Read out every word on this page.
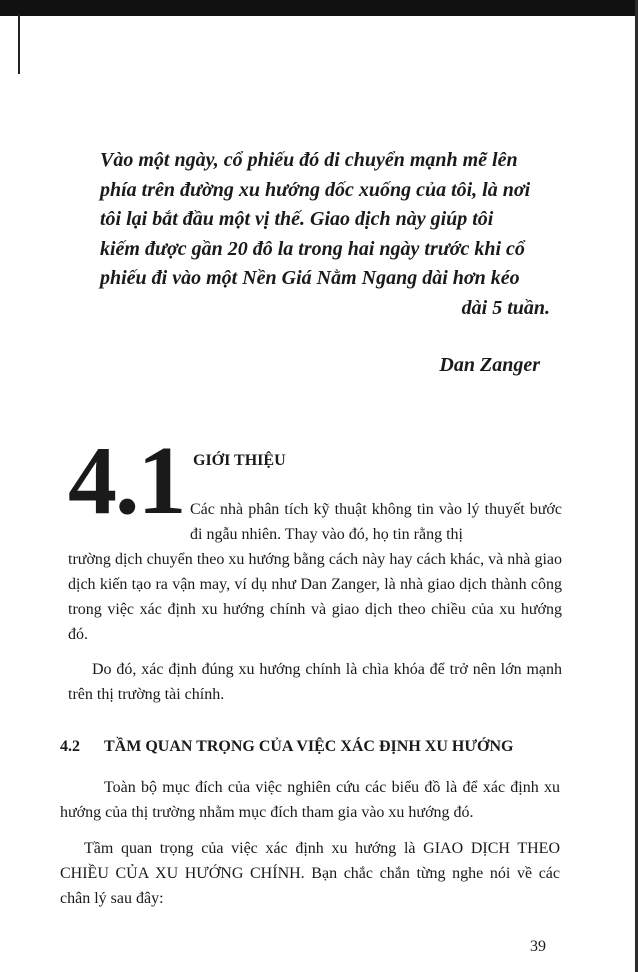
Vào một ngày, cổ phiếu đó di chuyển mạnh mẽ lên

phía trên đường xu hướng dốc xuống của tôi, là nơi

tôi lại bắt đầu một vị thế. Giao dịch này giúp tôi

kiếm được gần 20 đô la trong hai ngày trước khi cổ

phiếu đi vào một Nền Giá Nằm Ngang dài hơn kéo

dài 5 tuần.

Dan Zanger
4.1 GIỚI THIỆU
Các nhà phân tích kỹ thuật không tin vào lý thuyết bước đi ngẫu nhiên. Thay vào đó, họ tin rằng thị
trường dịch chuyển theo xu hướng bằng cách này hay cách khác, và nhà giao dịch kiến tạo ra vận may, ví dụ như Dan Zanger, là nhà giao dịch thành công trong việc xác định xu hướng chính và giao dịch theo chiều của xu hướng đó.
Do đó, xác định đúng xu hướng chính là chìa khóa để trở nên lớn mạnh trên thị trường tài chính.
4.2 TẦM QUAN TRỌNG CỦA VIỆC XÁC ĐỊNH XU HƯỚNG
Toàn bộ mục đích của việc nghiên cứu các biểu đồ là để xác định xu hướng của thị trường nhằm mục đích tham gia vào xu hướng đó.
Tầm quan trọng của việc xác định xu hướng là GIAO DỊCH THEO CHIỀU CỦA XU HƯỚNG CHÍNH. Bạn chắc chắn từng nghe nói về các chân lý sau đây:
39
